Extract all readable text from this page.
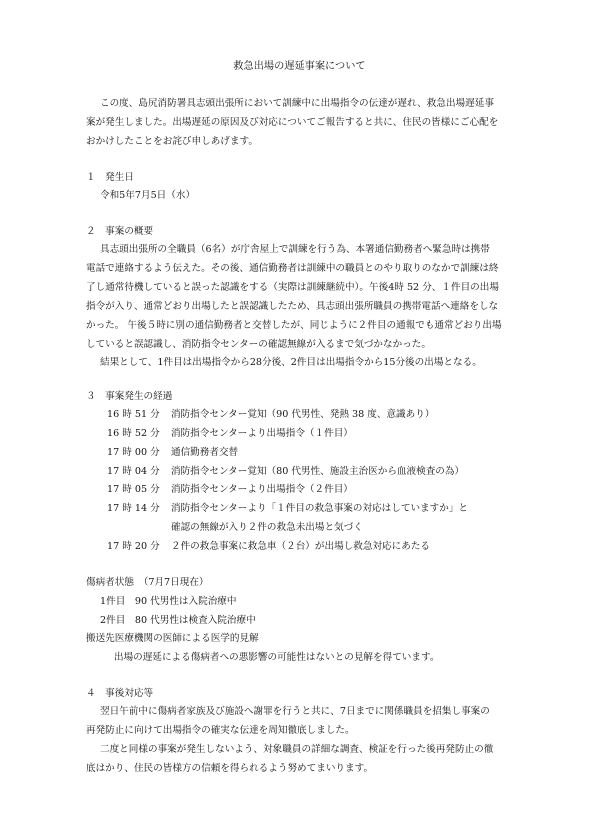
救急出場の遅延事案について
この度、島尻消防署具志頭出張所において訓練中に出場指令の伝達が遅れ、救急出場遅延事
案が発生しました。出場遅延の原因及び対応についてご報告すると共に、住民の皆様にご心配を
おかけしたことをお詫び申しあげます。
１　発生日
令和5年7月5日（水）
２　事案の概要
具志頭出張所の全職員（6名）が庁舎屋上で訓練を行う為、本署通信勤務者へ緊急時は携帯
電話で連絡するよう伝えた。その後、通信勤務者は訓練中の職員とのやり取りのなかで訓練は終
了し通常待機していると誤った認識をする（実際は訓練継続中）。午後4時 52 分、１件目の出場
指令が入り、通常どおり出場したと誤認識したため、具志頭出張所職員の携帯電話へ連絡をしな
かった。 午後５時に別の通信勤務者と交替したが、同じように２件目の通報でも通常どおり出場
していると誤認識し、消防指令センターの確認無線が入るまで気づかなかった。
結果として、1件目は出場指令から28分後、2件目は出場指令から15分後の出場となる。
３　事案発生の経過
16 時 51 分 消防指令センター覚知（90 代男性、発熱 38 度、意識あり）
16 時 52 分 消防指令センターより出場指令（１件目）
17 時 00 分 通信勤務者交替
17 時 04 分 消防指令センター覚知（80 代男性、施設主治医から血液検査の為）
17 時 05 分 消防指令センターより出場指令（２件目）
17 時 14 分 消防指令センターより「１件目の救急事案の対応はしていますか」と
確認の無線が入り２件の救急未出場と気づく
17 時 20 分 ２件の救急事案に救急車（２台）が出場し救急対応にあたる
傷病者状態　（7月7日現在）
1件目　90 代男性は入院治療中
2件目　80 代男性は検査入院治療中
搬送先医療機関の医師による医学的見解
出場の遅延による傷病者への悪影響の可能性はないとの見解を得ています。
４　事後対応等
翌日午前中に傷病者家族及び施設へ謝罪を行うと共に、7日までに関係職員を招集し事案の
再発防止に向けて出場指令の確実な伝達を周知徹底しました。
二度と同様の事案が発生しないよう、対象職員の詳細な調査、検証を行った後再発防止の徹
底はかり、住民の皆様方の信頼を得られるよう努めてまいります。
